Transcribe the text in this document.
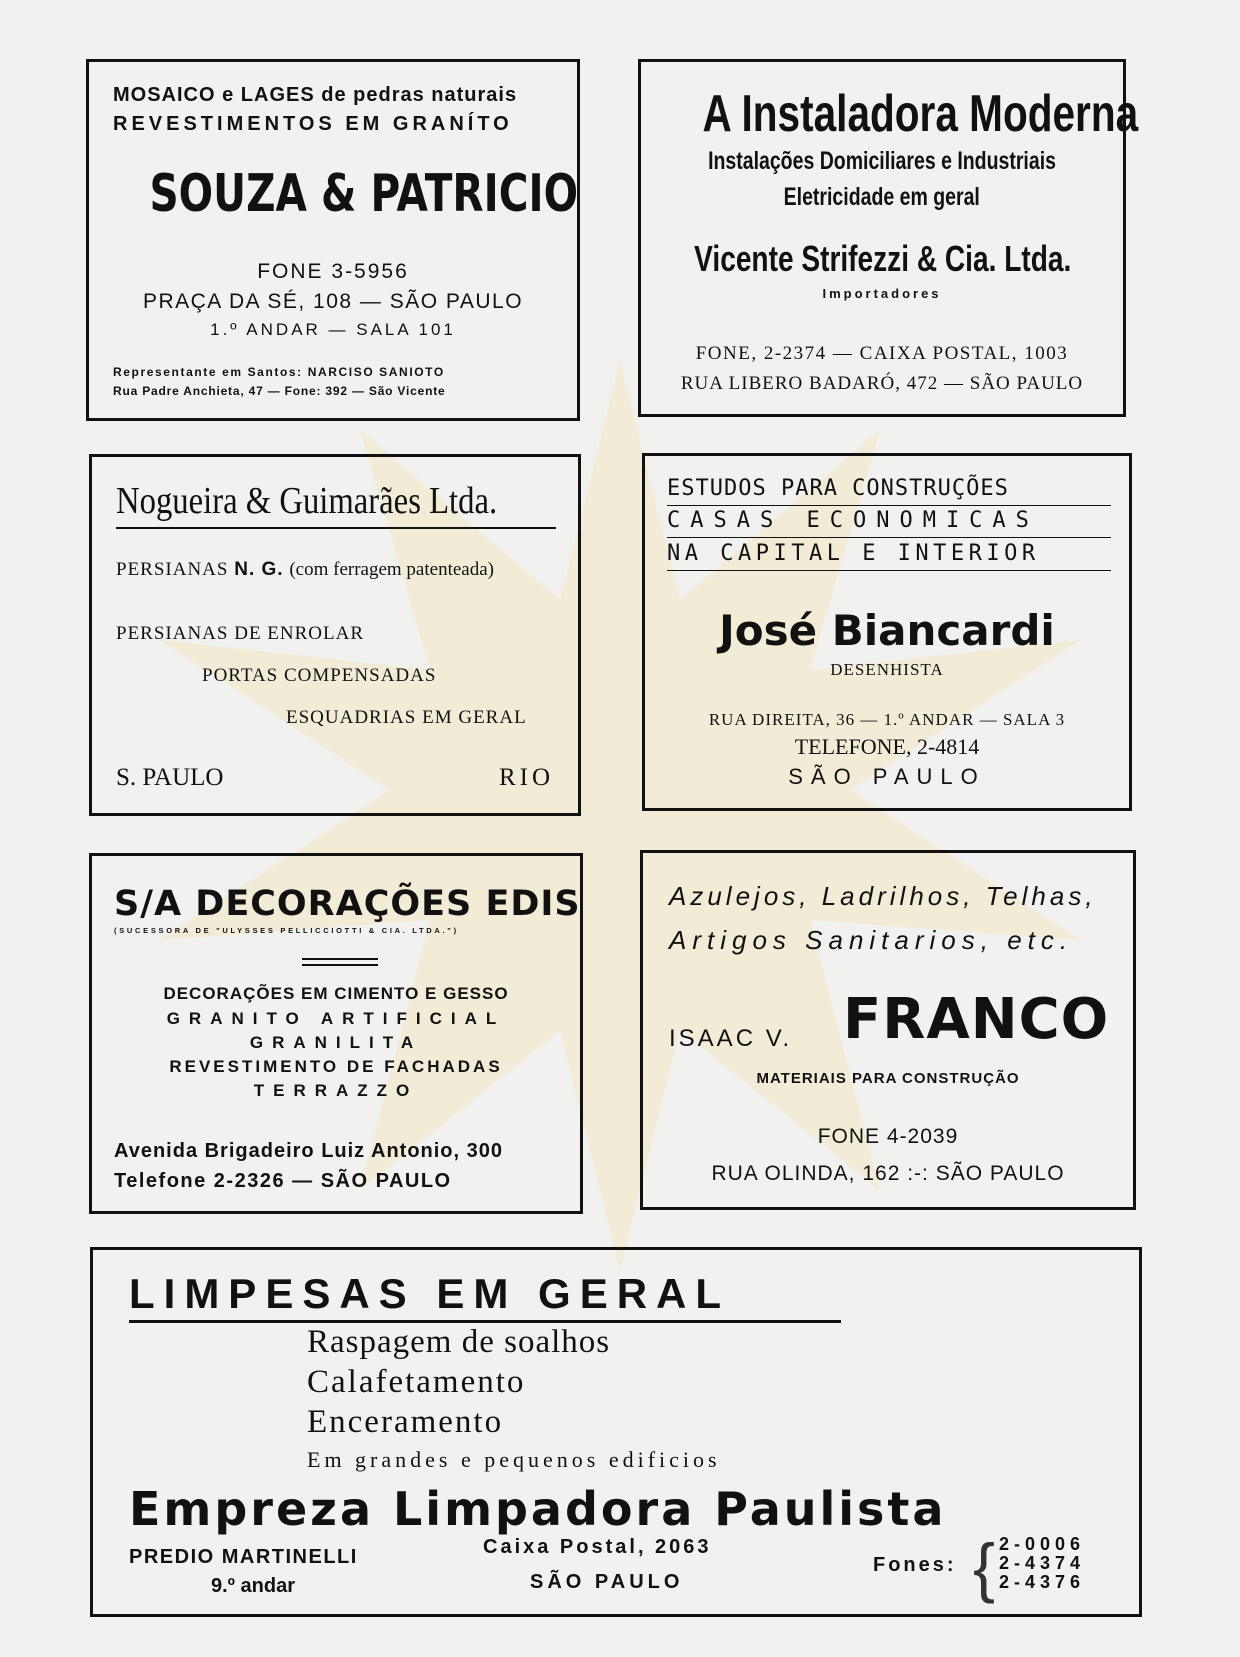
MOSAICO e LAGES de pedras naturais
REVESTIMENTOS EM GRANÍTO
SOUZA & PATRICIO
FONE 3-5956
PRAÇA DA SÉ, 108 — SÃO PAULO
1.º ANDAR — SALA 101
Representante em Santos: NARCISO SANIOTO
Rua Padre Anchieta, 47 — Fone: 392 — São Vicente
A Instaladora Moderna
Instalações Domiciliares e Industriais
Eletricidade em geral
Vicente Strifezzi & Cia. Ltda.
Importadores
FONE, 2-2374 — CAIXA POSTAL, 1003
RUA LIBERO BADARÓ, 472 — SÃO PAULO
Nogueira & Guimarães Ltda.
PERSIANAS N. G. (com ferragem patenteada)
PERSIANAS DE ENROLAR
PORTAS COMPENSADAS
ESQUADRIAS EM GERAL
S. PAULO	RIO
ESTUDOS PARA CONSTRUÇÕES
CASAS ECONOMICAS
NA CAPITAL E INTERIOR
José Biancardi
DESENHISTA
RUA DIREITA, 36 — 1.º ANDAR — SALA 3
TELEFONE, 2-4814
SÃO PAULO
S/A DECORAÇÕES EDIS
(SUCESSORA DE "ULYSSES PELLICCIOTTI & CIA. LTDA.")
DECORAÇÕES EM CIMENTO E GESSO
GRANITO ARTIFICIAL
GRANILITA
REVESTIMENTO DE FACHADAS
TERRAZZO
Avenida Brigadeiro Luiz Antonio, 300
Telefone 2-2326 — SÃO PAULO
Azulejos, Ladrilhos, Telhas,
Artigos Sanitarios, etc.
ISAAC V. FRANCO
MATERIAIS PARA CONSTRUÇÃO
FONE 4-2039
RUA OLINDA, 162 :-: SÃO PAULO
LIMPESAS EM GERAL
Raspagem de soalhos
Calafetamento
Enceramento
Em grandes e pequenos edificios
Empreza Limpadora Paulista
PREDIO MARTINELLI
9.º andar
Caixa Postal, 2063
SÃO PAULO
Fones: { 2-0006
2-4374
2-4376
